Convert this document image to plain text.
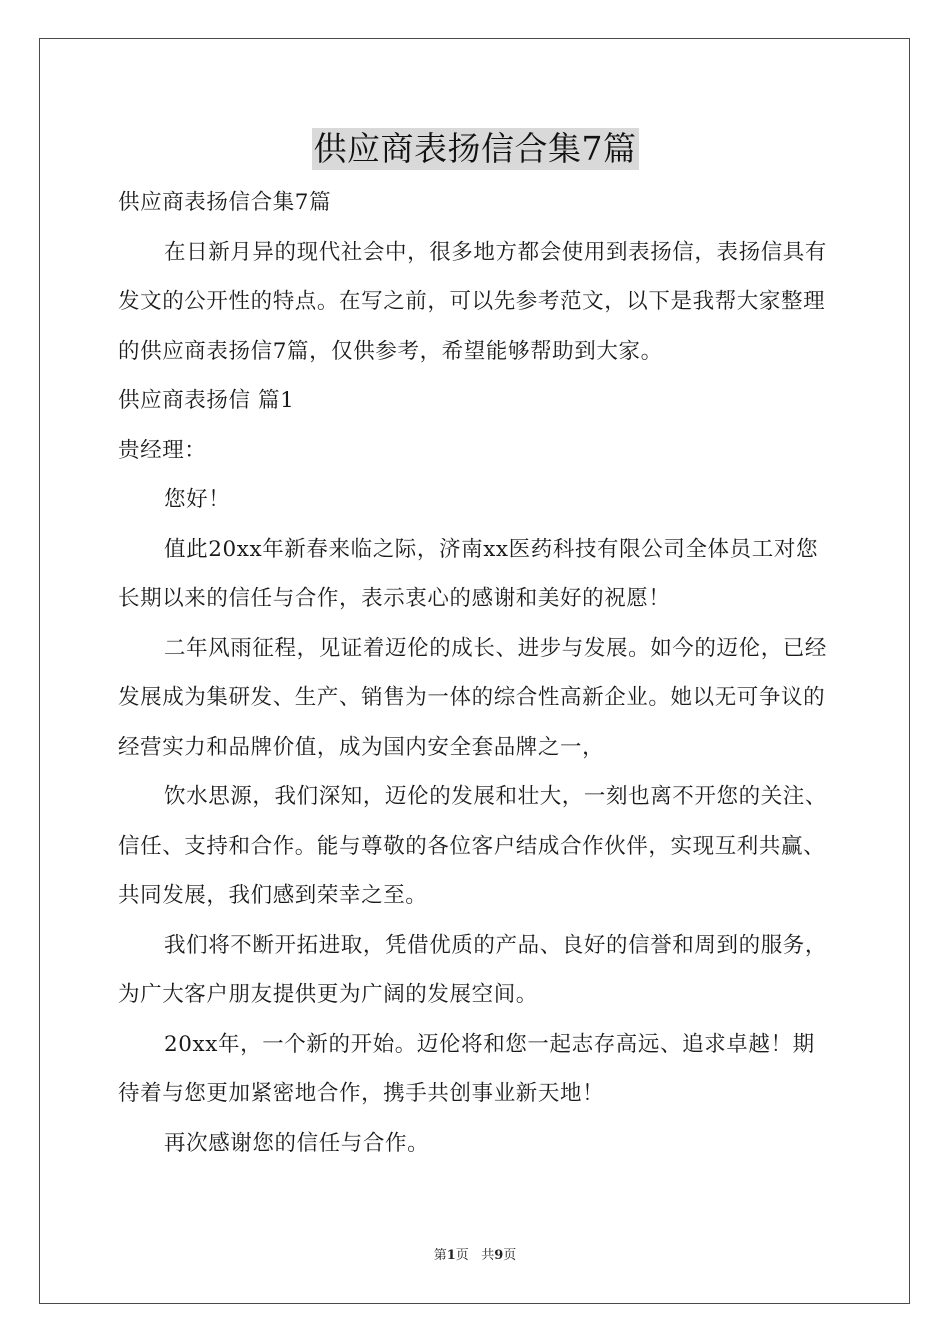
供应商表扬信合集7篇

供应商表扬信合集7篇

在日新月异的现代社会中，很多地方都会使用到表扬信，表扬信具有发文的公开性的特点。在写之前，可以先参考范文，以下是我帮大家整理的供应商表扬信7篇，仅供参考，希望能够帮助到大家。

供应商表扬信 篇1

贵经理：

您好！

值此20xx年新春来临之际，济南xx医药科技有限公司全体员工对您长期以来的信任与合作，表示衷心的感谢和美好的祝愿！

二年风雨征程，见证着迈伦的成长、进步与发展。如今的迈伦，已经发展成为集研发、生产、销售为一体的综合性高新企业。她以无可争议的经营实力和品牌价值，成为国内安全套品牌之一，

饮水思源，我们深知，迈伦的发展和壮大，一刻也离不开您的关注、信任、支持和合作。能与尊敬的各位客户结成合作伙伴，实现互利共赢、共同发展，我们感到荣幸之至。

我们将不断开拓进取，凭借优质的产品、良好的信誉和周到的服务，为广大客户朋友提供更为广阔的发展空间。

20xx年，一个新的开始。迈伦将和您一起志存高远、追求卓越！期待着与您更加紧密地合作，携手共创事业新天地！

再次感谢您的信任与合作。

第1页 共9页
